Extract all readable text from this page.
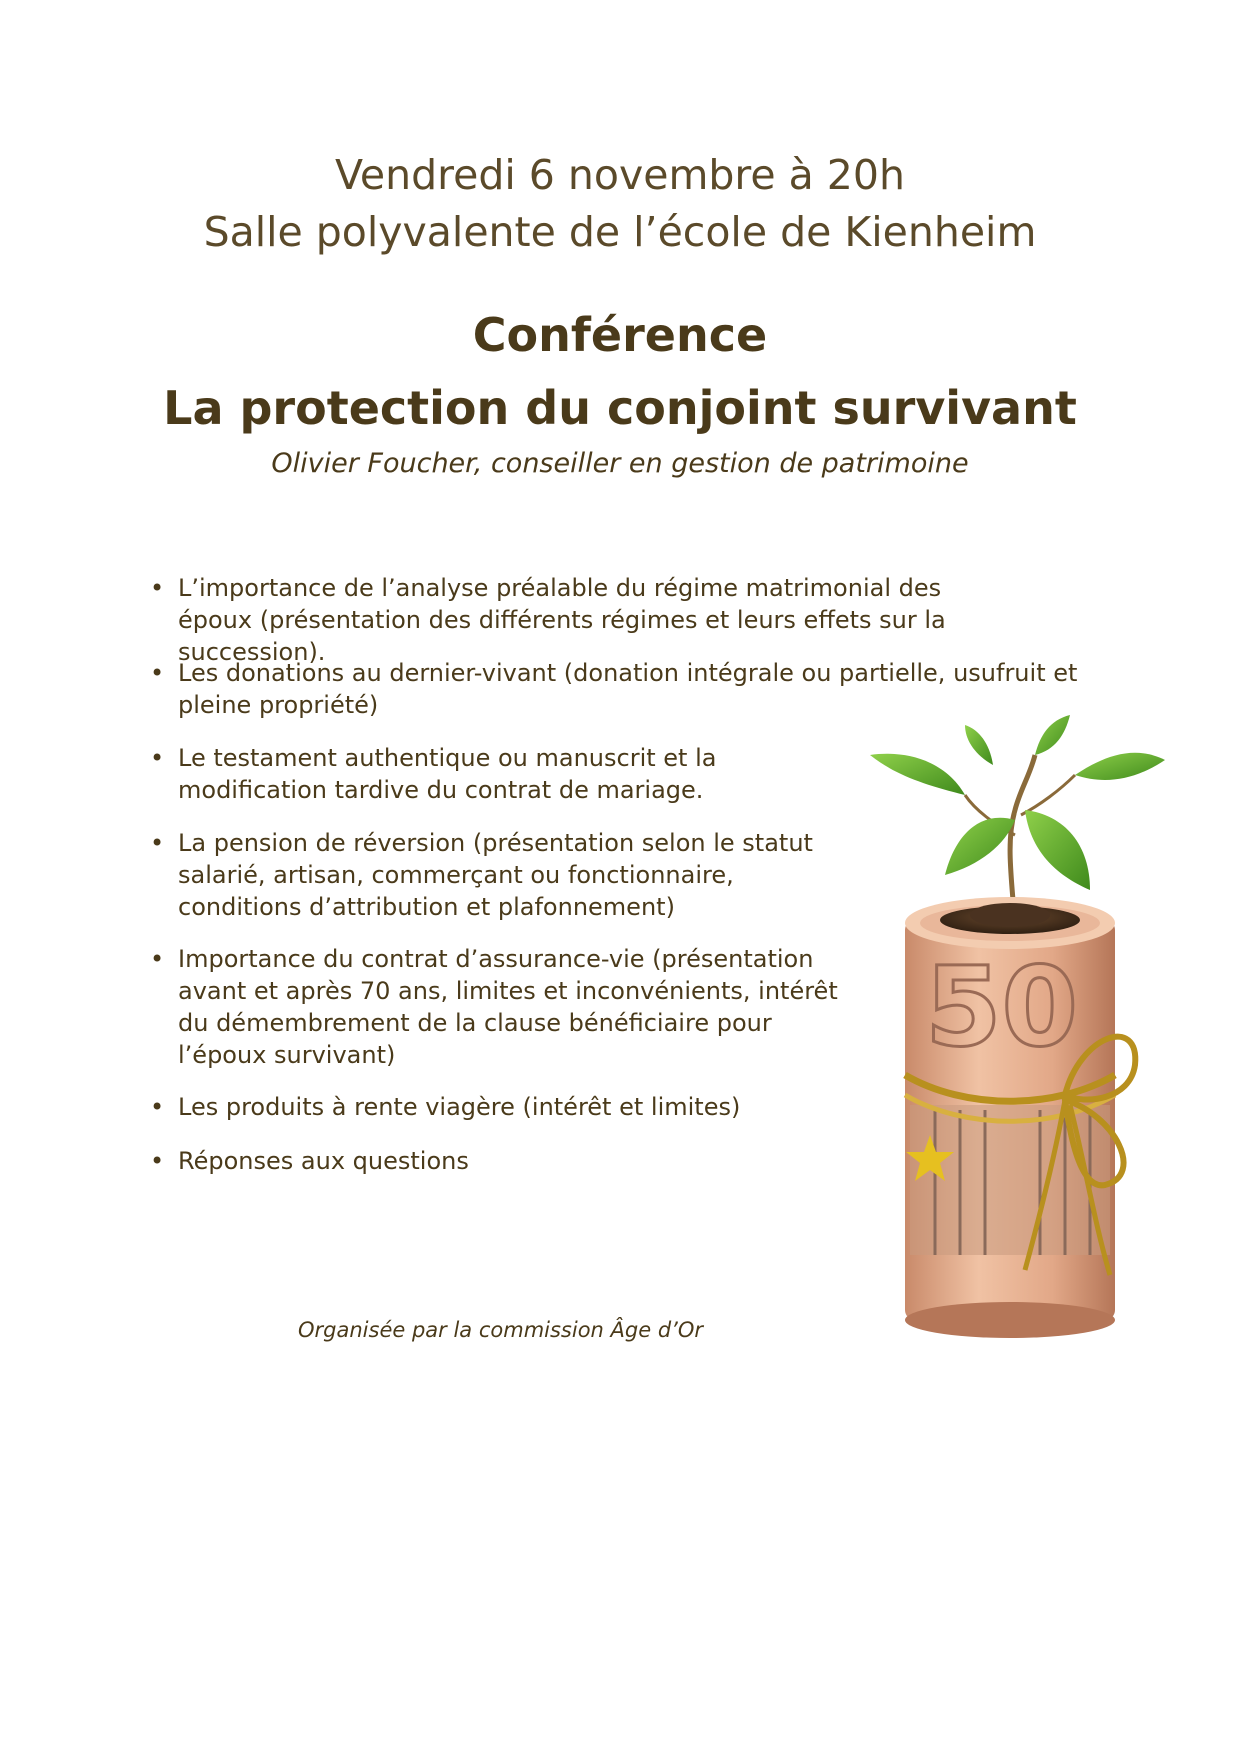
Vendredi 6 novembre à 20h
Salle polyvalente de l’école de Kienheim
Conférence
La protection du conjoint survivant
Olivier Foucher, conseiller en gestion de patrimoine
• L’importance de l’analyse préalable du régime matrimonial des époux (présentation des différents régimes et leurs effets sur la succession).
• Les donations au dernier-vivant (donation intégrale ou partielle, usufruit et pleine propriété)
• Le testament authentique ou manuscrit et la modification tardive du contrat de mariage.
• La pension de réversion (présentation selon le statut salarié, artisan, commerçant ou fonctionnaire, conditions d’attribution et plafonnement)
• Importance du contrat d’assurance-vie (présentation avant et après 70 ans, limites et inconvénients, intérêt du démembrement de la clause bénéficiaire pour l’époux survivant)
• Les produits à rente viagère (intérêt et limites)
• Réponses aux questions
Organisée par la commission Âge d’Or
50
